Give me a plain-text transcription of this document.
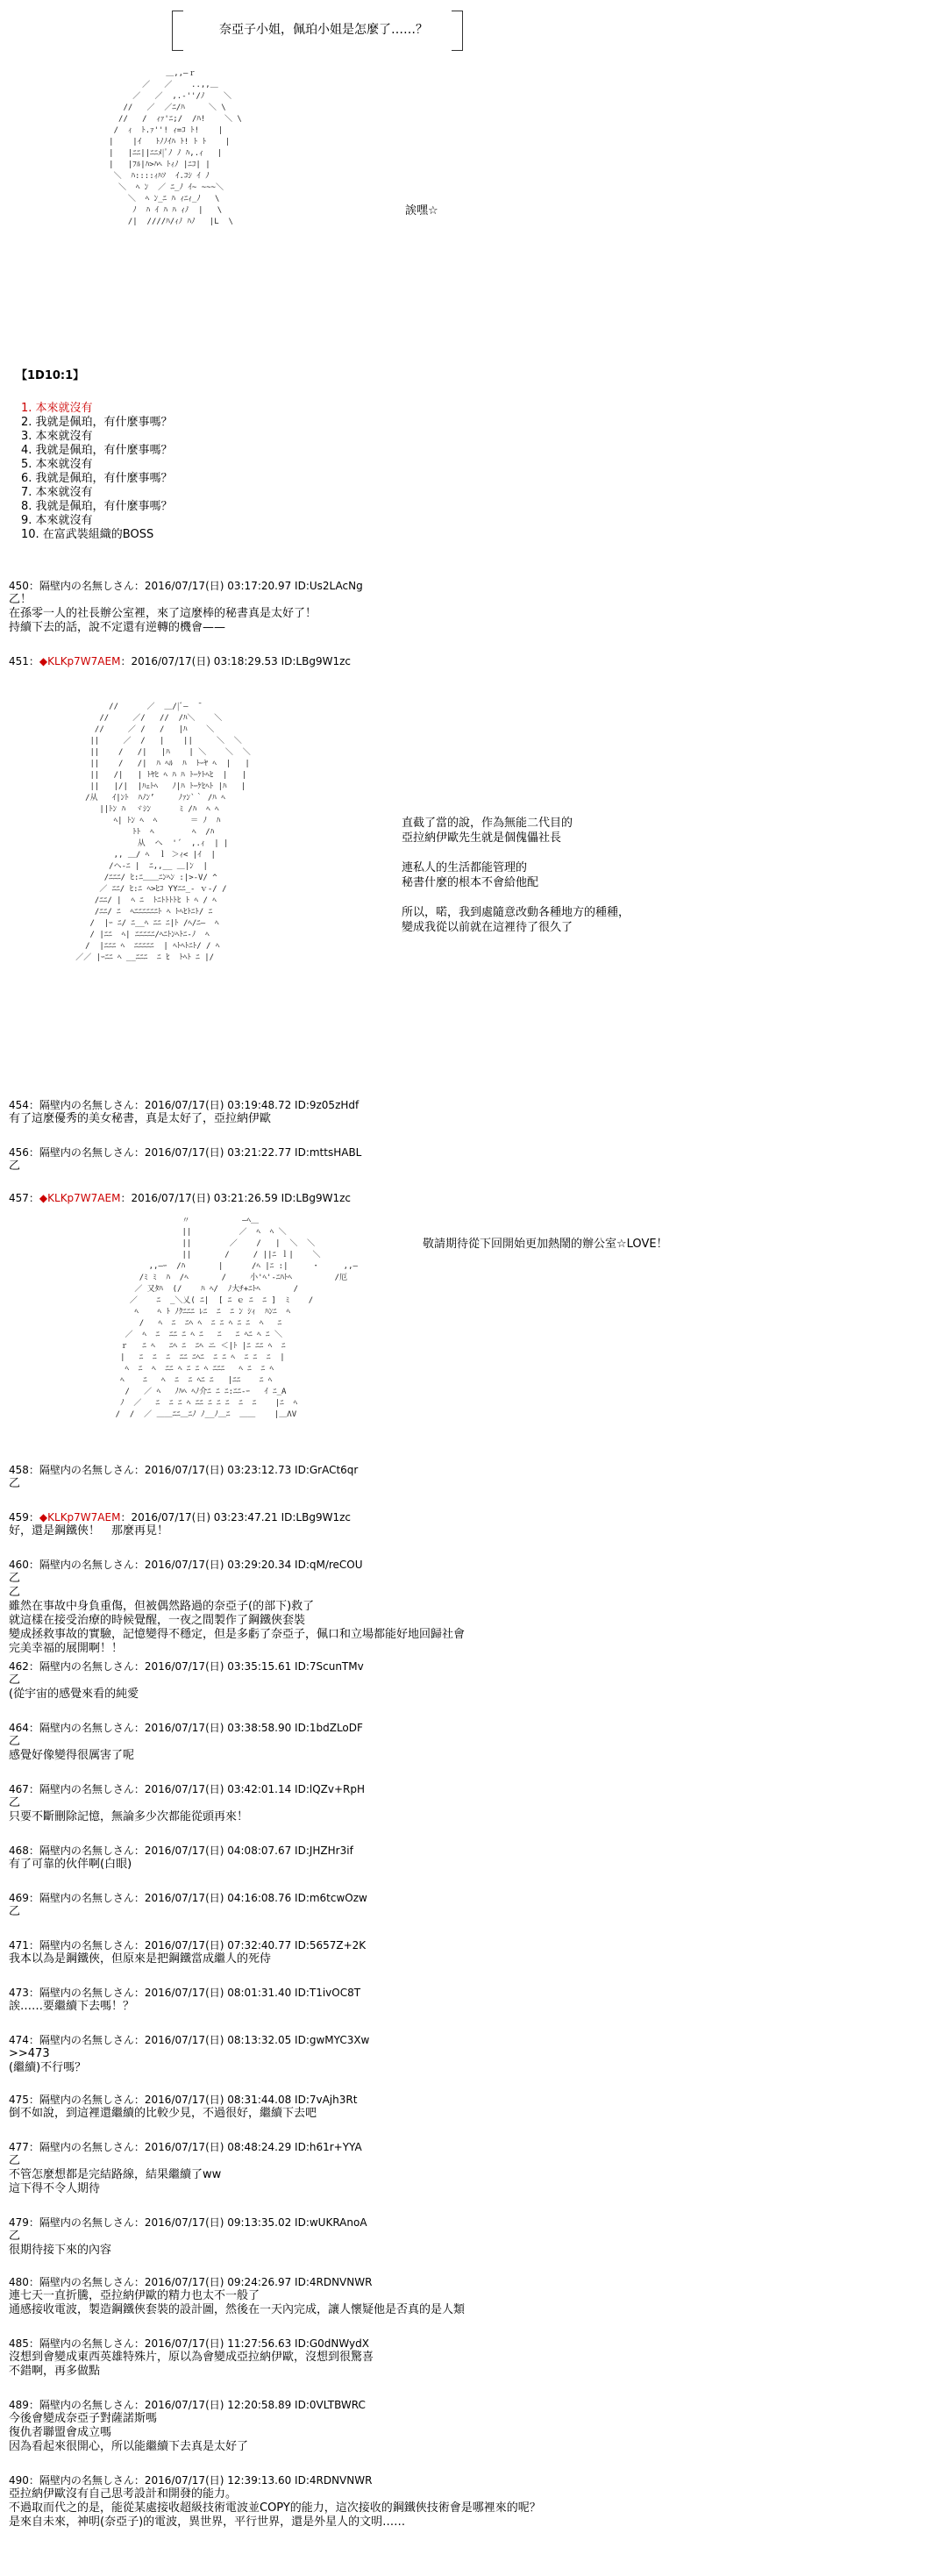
奈亞子小姐，佩珀小姐是怎麼了……？
＿,,―ｒ
／   ／    ..,,＿
／   ／  ,.‐''/ﾉ    ＼
//   ／  ／ﾆ/ﾊ     ＼ \
//   /  ｨｧ'ﾆ;/  /ﾊ!    ＼ \
/  ｨ  ﾄ.ｧ''! ｨ=ｺ ﾄ!    |
|    |ｲ   ﾄﾉﾉｲﾊ ﾄ! ﾄ ﾄ    |
|   |ﾆﾆ||ﾆﾆﾒ|ﾟﾉ ﾉ ﾊ,.ｨ   |
|   |ﾌﾙ|ﾊ>ﾊﾍ ﾄｨﾉ |ﾆｺ| |
＼  ﾊ::::ｨﾊｿ  ｲ.ｺｼ ｲ ﾉ
＼  ﾍ ﾝ  ／ ﾆ_ﾉ ｲ~ ~~~＼
＼  ﾍ ﾝ_ﾆ ﾊ ｨﾆｨ_ﾉ   \
ﾉ  ﾊ ｲ ﾊ ﾊ ｨﾉ  |   \
/|  ////ﾊ/ｨﾉ ﾊﾉ   |L  \
誒嘿☆
【1D10:1】
1. 本來就沒有
2. 我就是佩珀，有什麼事嗎？
3. 本來就沒有
4. 我就是佩珀，有什麼事嗎？
5. 本來就沒有
6. 我就是佩珀，有什麼事嗎？
7. 本來就沒有
8. 我就是佩珀，有什麼事嗎？
9. 本來就沒有
10. 在富武裝組織的BOSS
450：隔壁内の名無しさん：2016/07/17(日) 03:17:20.97 ID:Us2LAcNg
乙！
在孫零一人的社長辦公室裡，來了這麼棒的秘書真是太好了！
持續下去的話，說不定還有逆轉的機會——
451：◆KLKp7W7AEM：2016/07/17(日) 03:18:29.53 ID:LBg9W1zc
//      ／  ＿/|ﾞ―  ̄
//     ／/   //  /ﾊ＼    ＼
//     ／ /   /   |ﾊ    ＼
||     ／  /   |    ||     ＼  ＼
||    /   /|   |ﾊ    | ＼    ＼  ＼
||    /   /|  ﾊ ﾍﾙ  ﾊ  ﾄｰﾔ ﾍ  |   |
||   /|   | ﾄﾔﾋ ﾍ ﾊ ﾊ ﾄｰｹﾄﾍﾋ  |   |
||   |/|  |ﾊｪﾄﾍ   ﾉ|ﾊ ﾄｰｹﾋﾍﾄ |ﾊ   |
/从   ｲ|ﾝﾄ  ﾊﾉﾝ’     ﾉｧﾝ`｀ /ﾊ ﾍ
||ﾄﾝ ﾊ  ヾｼﾝ      ﾐ /ﾊ  ﾍ ﾍ
ﾍ| ﾄﾝ ﾍ  ﾍ       ＝ ﾉ  ﾊ
ﾄﾄ  ﾍ        ﾍ  /ﾊ
从  ヘ  '´  ,.ｨ  | |
,, ＿/ ﾍ  ｌ ＞ｨ< |ｲ  |
/ヘ-ﾆ |  ﾆ,,__ ＿|ﾝ  |
/ﾆﾆﾆ/ ﾋ:ﾆ＿＿ﾆﾝﾍﾝ :|>-V/ ^
／ ﾆﾆ/ ﾋ:ﾆ ﾍ>ﾋｺ YYﾆﾆ_- ｖ-/ /
/ﾆﾆ/ |  ﾍ ﾆ  ﾄﾆﾄﾄﾄﾄﾋ ﾄ ﾍ / ﾍ
/ﾆﾆ/ ﾆ  ﾍﾆﾆﾆﾆﾆﾆﾄ ﾍ ﾄﾍﾋﾄﾆﾄ/ ﾆ
/  |ｰ ﾆ/ ﾆ__ﾍ ﾆﾆ ﾆ|ﾄ /ﾍ/ﾆ—  ﾍ
/ |ﾆﾆ  ﾍ| ﾆﾆﾆﾆﾆ/ﾍﾆﾄﾝﾍﾄﾆ-ﾉ  ﾍ
/  |ﾆﾆﾆ ﾍ  ﾆﾆﾆﾆﾆ  | ﾍﾄﾍﾄﾆﾄ/ / ﾍ
／／ |ｰﾆﾆ ﾍ __ﾆﾆﾆ  ﾆ ﾋ  ﾄﾍﾄ ﾆ |/
直截了當的說，作為無能二代目的
亞拉納伊歐先生就是個傀儡社長

連私人的生活都能管理的
秘書什麼的根本不會給他配

所以，喏，我到處隨意改動各種地方的種種，
變成我從以前就在這裡待了很久了
454：隔壁内の名無しさん：2016/07/17(日) 03:19:48.72 ID:9z05zHdf
有了這麼優秀的美女秘書，真是太好了，亞拉納伊歐
456：隔壁内の名無しさん：2016/07/17(日) 03:21:22.77 ID:mttsHABL
乙
457：◆KLKp7W7AEM：2016/07/17(日) 03:21:26.59 ID:LBg9W1zc
〃           ―ﾍ＿
||          ／  ﾍ  ﾍ ＼
||        ／    /   |  ＼  ＼
||       /     / ||ﾆ ｌ|    ＼
,,―ｰ  /ﾊ       |      /ﾍ |ﾆ :|     ・     ,,―
/ﾐ ﾐ  ﾊ  /ﾍ       /     小'ﾍ'-ﾆﾊﾄﾍ         /厄
／ 又ﾀﾊ  (/    ﾊ ﾍ/  ﾉ大ﾁ+ﾆﾄﾍ       /
／    ﾆ  _＼乂( ﾆ|  [ ﾆ ｅ ﾆ  ﾆ ]  ﾐ    /
ﾍ    ﾍ ﾄ ﾉｸﾆﾆﾆ ﾚﾆ  ﾆ  ﾆ ﾝ ｼｨ  ﾊﾝﾆ  ﾍ
/   ﾍ  ﾆ  ﾆﾍ ﾍ  ﾆ ﾆ ﾍ ﾆ ﾆ  ﾍ   ﾆ
／  ﾍ  ﾆ  ﾆﾆ ﾆ ﾍ ﾆ   ﾆ   ﾆ ﾍﾆ ﾍ ﾆ ＼
ｒ   ﾆ ﾍ   ﾆﾍ ﾆ  ﾆﾍ ニ ＜|ﾄ |ﾆ ﾆﾆ ﾍ  ﾆ
|   ﾆ  ﾆ  ﾆ  ﾆﾆ ﾆﾍﾆ  ﾆ ﾆ ﾍ  ﾆ ﾆ  ﾆ  |
ﾍ  ﾆ  ﾍ  ﾆﾆ ﾍ ﾆ ﾆ ﾍ ﾆﾆﾆ   ﾍ ﾆ  ﾆ ﾍ
ﾍ    ﾆ   ﾍ  ﾆ  ﾆ ﾍﾆ ﾆ   |ﾆﾆ    ﾆ ﾍ
/   ／ ﾍ   ﾉﾊﾍ ﾍﾉ介ﾆ ﾆ ﾆ:ﾆﾆ-ｰ   ｲ ﾆ_A
ﾉ  ／   ﾆ  ﾆ ﾆ ﾍ ﾆﾆ ﾆ ﾆ ﾆ  ﾆ  ﾆ    |ﾆ  ﾍ
/  /  ／ ＿＿ﾆﾆ＿ﾆﾉ ﾉ__ﾉ＿ﾆ  ＿＿    |＿ΛV
敬請期待從下回開始更加熱鬧的辦公室☆LOVE！
458：隔壁内の名無しさん：2016/07/17(日) 03:23:12.73 ID:GrACt6qr
乙
459：◆KLKp7W7AEM：2016/07/17(日) 03:23:47.21 ID:LBg9W1zc
好，還是鋼鐵俠！　那麼再見！
460：隔壁内の名無しさん：2016/07/17(日) 03:29:20.34 ID:qM/reCOU
乙
乙
雖然在事故中身負重傷，但被偶然路過的奈亞子(的部下)救了
就這樣在接受治療的時候覺醒，一夜之間製作了鋼鐵俠套裝
變成拯救事故的實驗，記憶變得不穩定，但是多虧了奈亞子，佩口和立場都能好地回歸社會
完美幸福的展開啊！！
462：隔壁内の名無しさん：2016/07/17(日) 03:35:15.61 ID:7ScunTMv
乙
(從宇宙的感覺來看的純愛
464：隔壁内の名無しさん：2016/07/17(日) 03:38:58.90 ID:1bdZLoDF
乙
感覺好像變得很厲害了呢
467：隔壁内の名無しさん：2016/07/17(日) 03:42:01.14 ID:lQZv+RpH
乙
只要不斷刪除記憶，無論多少次都能從頭再來！
468：隔壁内の名無しさん：2016/07/17(日) 04:08:07.67 ID:JHZHr3if
有了可靠的伙伴啊(白眼)
469：隔壁内の名無しさん：2016/07/17(日) 04:16:08.76 ID:m6tcwOzw
乙
471：隔壁内の名無しさん：2016/07/17(日) 07:32:40.77 ID:5657Z+2K
我本以為是鋼鐵俠，但原來是把鋼鐵當成繼人的死侍
473：隔壁内の名無しさん：2016/07/17(日) 08:01:31.40 ID:T1ivOC8T
誒……要繼續下去嗎！？
474：隔壁内の名無しさん：2016/07/17(日) 08:13:32.05 ID:gwMYC3Xw
>>473
(繼續)不行嗎？
475：隔壁内の名無しさん：2016/07/17(日) 08:31:44.08 ID:7vAjh3Rt
倒不如說，到這裡還繼續的比較少見，不過很好，繼續下去吧
477：隔壁内の名無しさん：2016/07/17(日) 08:48:24.29 ID:h61r+YYA
乙
不管怎麼想都是完結路線，結果繼續了ww
這下得不令人期待
479：隔壁内の名無しさん：2016/07/17(日) 09:13:35.02 ID:wUKRAnoA
乙
很期待接下來的內容
480：隔壁内の名無しさん：2016/07/17(日) 09:24:26.97 ID:4RDNVNWR
連七天一直折騰，亞拉納伊歐的精力也太不一般了
通感接收電波，製造鋼鐵俠套裝的設計圖，然後在一天內完成，讓人懷疑他是否真的是人類
485：隔壁内の名無しさん：2016/07/17(日) 11:27:56.63 ID:G0dNWydX
沒想到會變成東西英雄特殊片，原以為會變成亞拉納伊歐，沒想到很驚喜
不錯啊，再多做點
489：隔壁内の名無しさん：2016/07/17(日) 12:20:58.89 ID:0VLTBWRC
今後會變成奈亞子對薩諾斯嗎
復仇者聯盟會成立嗎
因為看起來很開心，所以能繼續下去真是太好了
490：隔壁内の名無しさん：2016/07/17(日) 12:39:13.60 ID:4RDNVNWR
亞拉納伊歐沒有自己思考設計和開發的能力。
不過取而代之的是，能從某處接收超級技術電波並COPY的能力，這次接收的鋼鐵俠技術會是哪裡來的呢？
是來自未來，神明(奈亞子)的電波，異世界，平行世界，還是外星人的文明……
